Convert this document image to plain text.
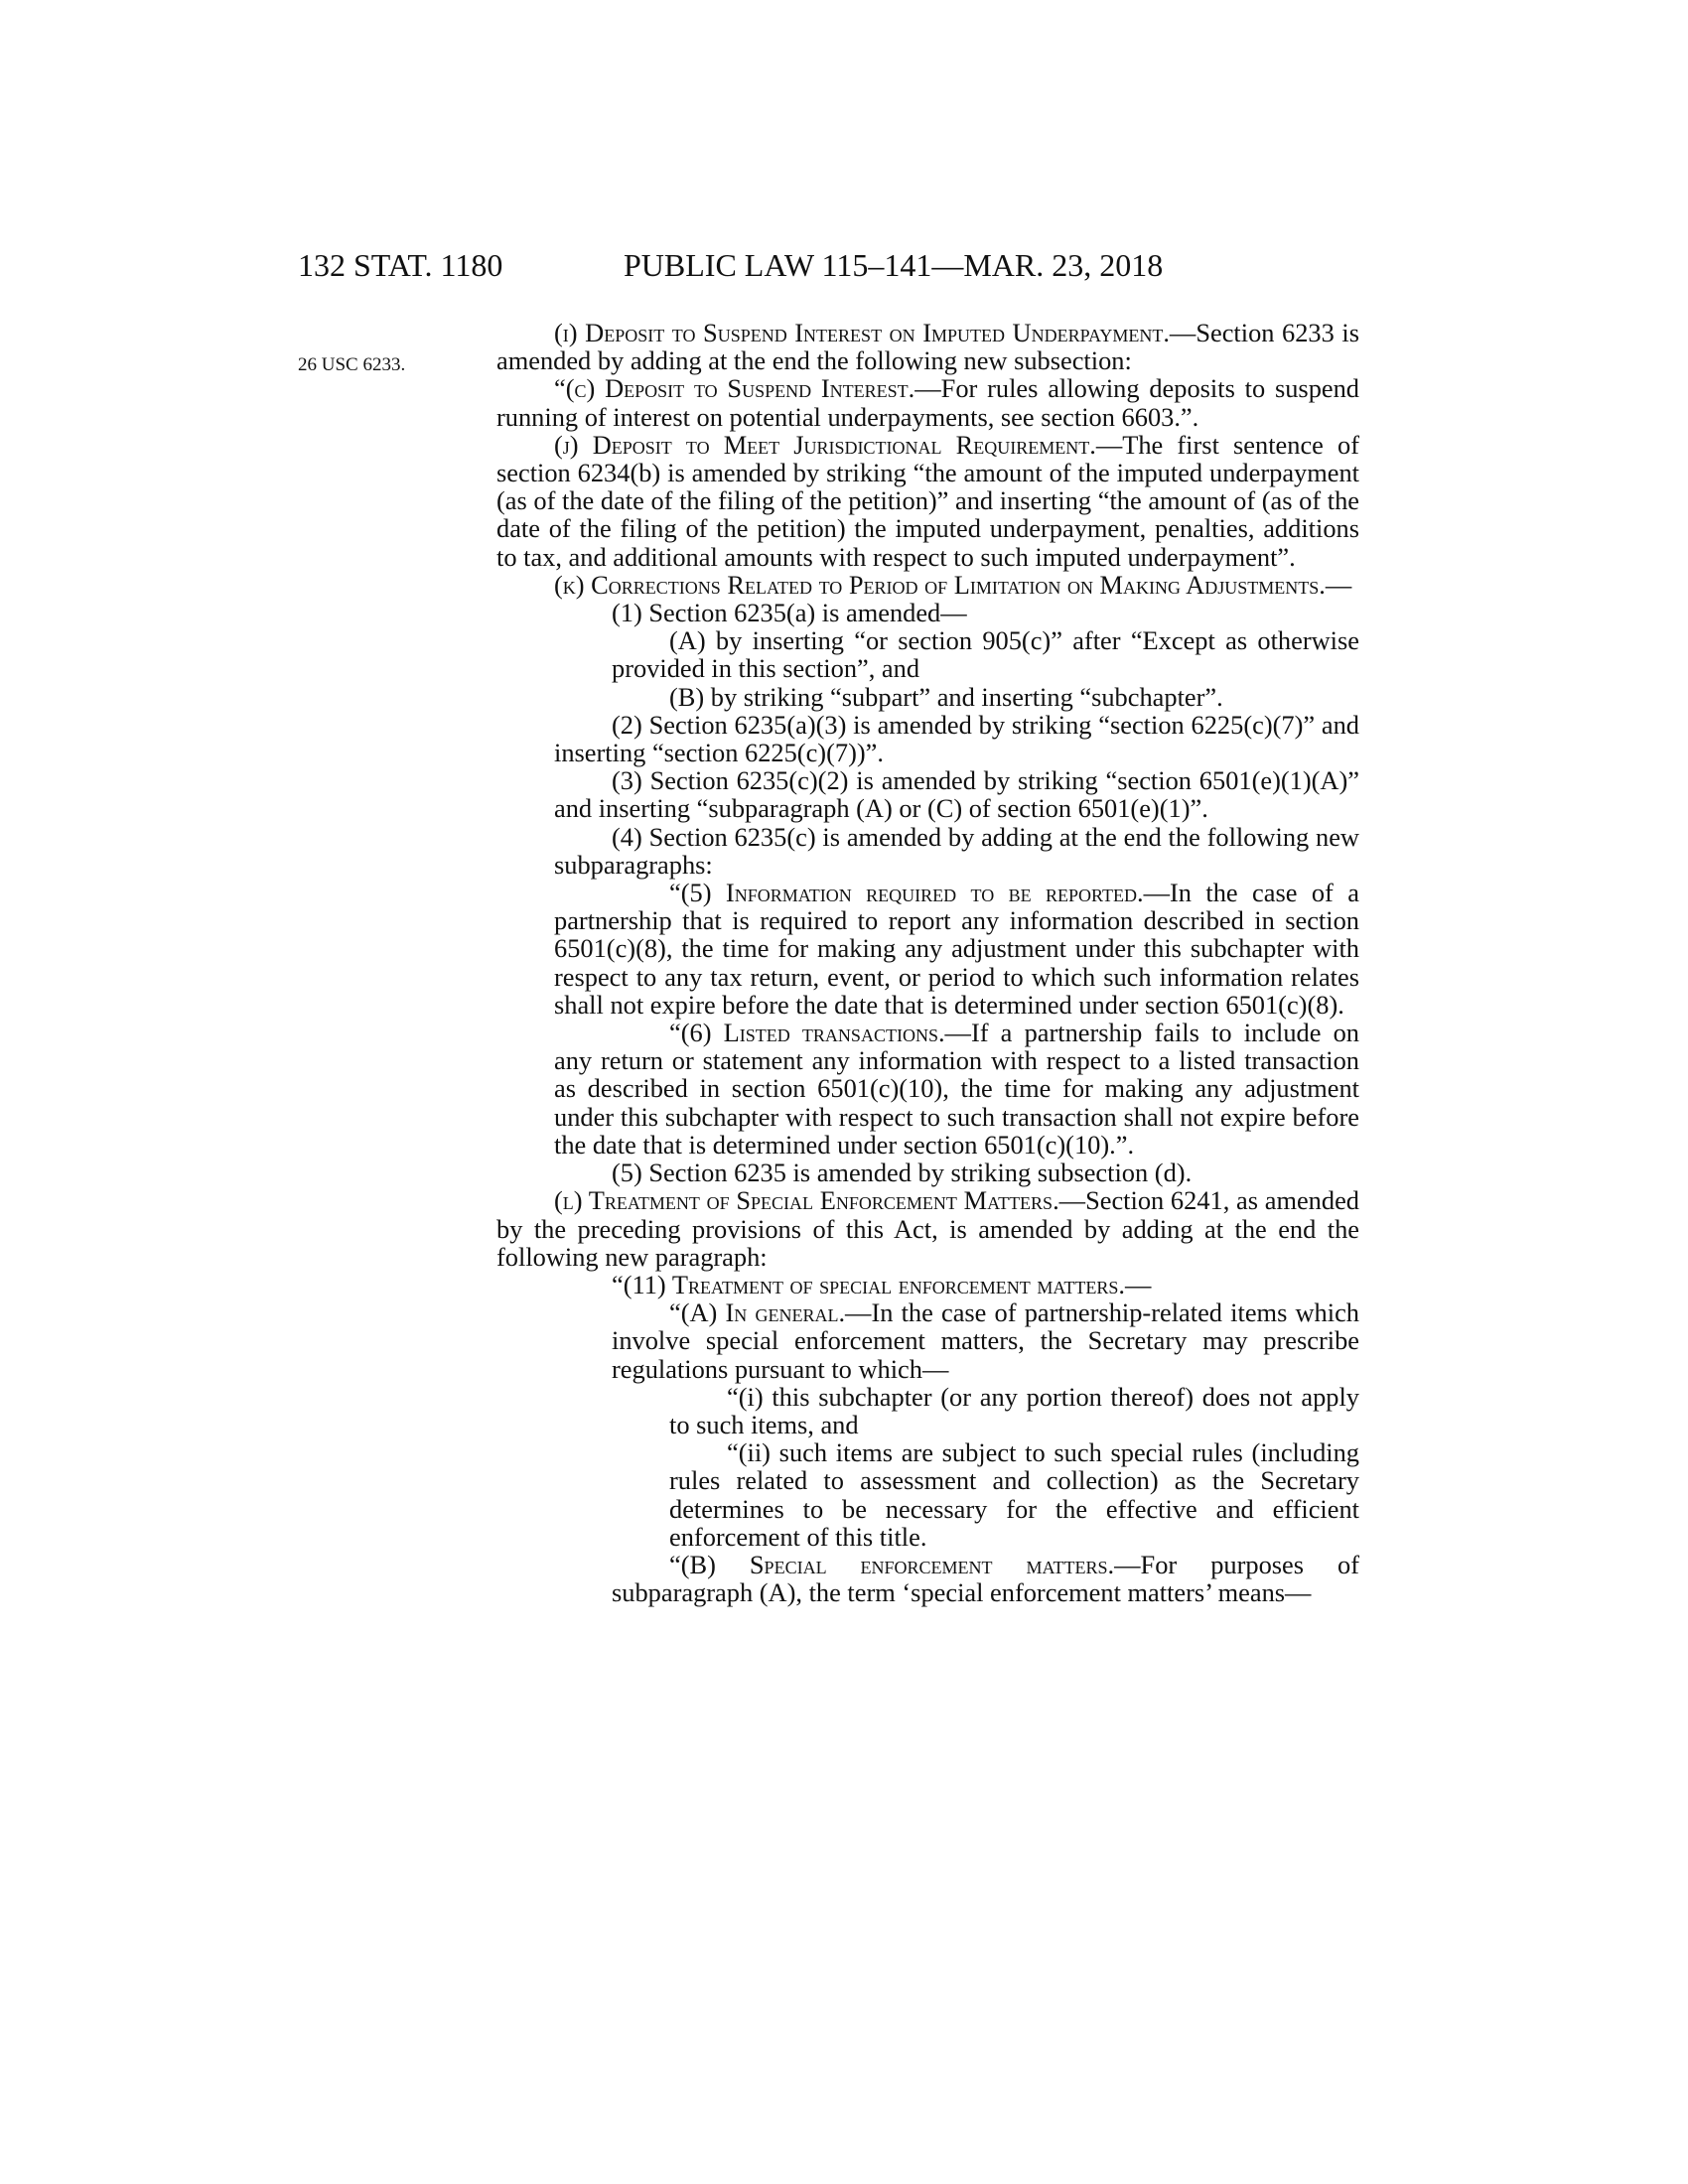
132 STAT. 1180	PUBLIC LAW 115–141—MAR. 23, 2018
26 USC 6233.

(i) Deposit to Suspend Interest on Imputed Underpayment.—Section 6233 is amended by adding at the end the following new subsection:

“(c) Deposit to Suspend Interest.—For rules allowing deposits to suspend running of interest on potential underpayments, see section 6603.”.

(j) Deposit to Meet Jurisdictional Requirement.—The first sentence of section 6234(b) is amended by striking “the amount of the imputed underpayment (as of the date of the filing of the petition)” and inserting “the amount of (as of the date of the filing of the petition) the imputed underpayment, penalties, additions to tax, and additional amounts with respect to such imputed underpayment”.

(k) Corrections Related to Period of Limitation on Making Adjustments.—

(1) Section 6235(a) is amended—

(A) by inserting “or section 905(c)” after “Except as otherwise provided in this section”, and

(B) by striking “subpart” and inserting “subchapter”.

(2) Section 6235(a)(3) is amended by striking “section 6225(c)(7)” and inserting “section 6225(c)(7))”.

(3) Section 6235(c)(2) is amended by striking “section 6501(e)(1)(A)” and inserting “subparagraph (A) or (C) of section 6501(e)(1)”.

(4) Section 6235(c) is amended by adding at the end the following new subparagraphs:

“(5) Information required to be reported.—In the case of a partnership that is required to report any information described in section 6501(c)(8), the time for making any adjustment under this subchapter with respect to any tax return, event, or period to which such information relates shall not expire before the date that is determined under section 6501(c)(8).

“(6) Listed transactions.—If a partnership fails to include on any return or statement any information with respect to a listed transaction as described in section 6501(c)(10), the time for making any adjustment under this subchapter with respect to such transaction shall not expire before the date that is determined under section 6501(c)(10).”.

(5) Section 6235 is amended by striking subsection (d).

(l) Treatment of Special Enforcement Matters.—Section 6241, as amended by the preceding provisions of this Act, is amended by adding at the end the following new paragraph:

“(11) Treatment of special enforcement matters.—

“(A) In general.—In the case of partnership-related items which involve special enforcement matters, the Secretary may prescribe regulations pursuant to which—

“(i) this subchapter (or any portion thereof) does not apply to such items, and

“(ii) such items are subject to such special rules (including rules related to assessment and collection) as the Secretary determines to be necessary for the effective and efficient enforcement of this title.

“(B) Special enforcement matters.—For purposes of subparagraph (A), the term ‘special enforcement matters’ means—
